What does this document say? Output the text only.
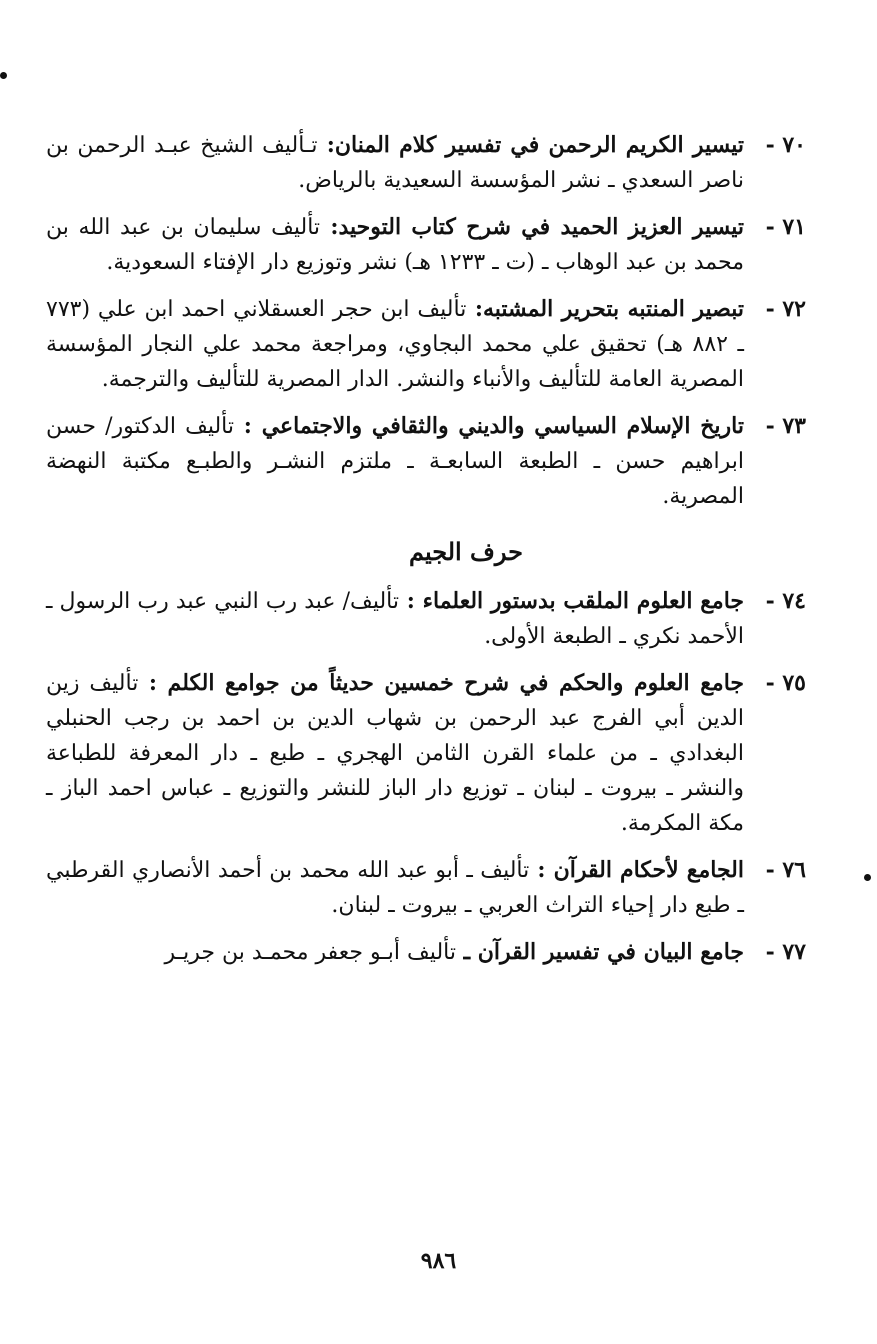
٧٠ -
تيسير الكريم الرحمن في تفسير كلام المنان: تـأليف الشيخ عبـد الرحمن بن ناصر السعدي ـ نشر المؤسسة السعيدية بالرياض.
٧١ -
تيسير العزيز الحميد في شرح كتاب التوحيد: تأليف سليمان بن عبد الله بن محمد بن عبد الوهاب ـ (ت ـ ١٢٣٣ هـ) نشر وتوزيع دار الإفتاء السعودية.
٧٢ -
تبصير المنتبه بتحرير المشتبه: تأليف ابن حجر العسقلاني احمد ابن علي (٧٧٣ ـ ٨٨٢ هـ) تحقيق علي محمد البجاوي، ومراجعة محمد علي النجار المؤسسة المصرية العامة للتأليف والأنباء والنشر. الدار المصرية للتأليف والترجمة.
٧٣ -
تاريخ الإسلام السياسي والديني والثقافي والاجتماعي : تأليف الدكتور/ حسن ابراهيم حسن ـ الطبعة السابعـة ـ ملتزم النشـر والطبـع مكتبة النهضة المصرية.
حرف الجيم
٧٤ -
جامع العلوم الملقب بدستور العلماء : تأليف/ عبد رب النبي عبد رب الرسول ـ الأحمد نكري ـ الطبعة الأولى.
٧٥ -
جامع العلوم والحكم في شرح خمسين حديثاً من جوامع الكلم : تأليف زين الدين أبي الفرج عبد الرحمن بن شهاب الدين بن احمد بن رجب الحنبلي البغدادي ـ من علماء القرن الثامن الهجري ـ طبع ـ دار المعرفة للطباعة والنشر ـ بيروت ـ لبنان ـ توزيع دار الباز للنشر والتوزيع ـ عباس احمد الباز ـ مكة المكرمة.
٧٦ -
الجامع لأحكام القرآن : تأليف ـ أبو عبد الله محمد بن أحمد الأنصاري القرطبي ـ طبع دار إحياء التراث العربي ـ بيروت ـ لبنان.
٧٧ -
جامع البيان في تفسير القرآن ـ تأليف أبـو جعفر محمـد بن جريـر
٩٨٦
